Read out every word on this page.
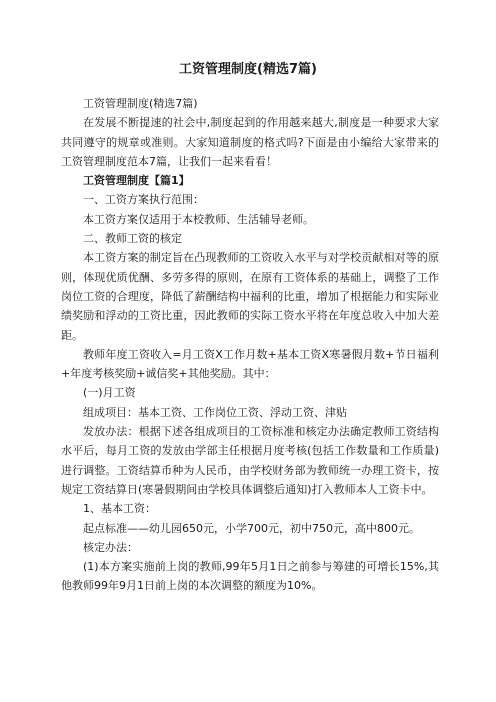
工资管理制度(精选7篇)

工资管理制度(精选7篇)

在发展不断提速的社会中,制度起到的作用越来越大,制度是一种要求大家共同遵守的规章或准则。大家知道制度的格式吗?下面是由小编给大家带来的工资管理制度范本7篇，让我们一起来看看！

工资管理制度【篇1】

一、工资方案执行范围：

本工资方案仅适用于本校教师、生活辅导老师。

二、教师工资的核定

本工资方案的制定旨在凸现教师的工资收入水平与对学校贡献相对等的原则，体现优质优酬、多劳多得的原则，在原有工资体系的基础上，调整了工作岗位工资的合理度，降低了薪酬结构中福利的比重，增加了根据能力和实际业绩奖励和浮动的工资比重，因此教师的实际工资水平将在年度总收入中加大差距。

教师年度工资收入=月工资X工作月数+基本工资X寒暑假月数+节日福利+年度考核奖励+诚信奖+其他奖励。其中：

(一)月工资

组成项目：基本工资、工作岗位工资、浮动工资、津贴

发放办法：根据下述各组成项目的工资标准和核定办法确定教师工资结构水平后，每月工资的发放由学部主任根据月度考核(包括工作数量和工作质量)进行调整。工资结算币种为人民币，由学校财务部为教师统一办理工资卡，按规定工资结算日(寒暑假期间由学校具体调整后通知)打入教师本人工资卡中。

1、基本工资：

起点标准——幼儿园650元，小学700元，初中750元，高中800元。

核定办法：

(1)本方案实施前上岗的教师,99年5月1日之前参与筹建的可增长15%,其他教师99年9月1日前上岗的本次调整的额度为10%。
